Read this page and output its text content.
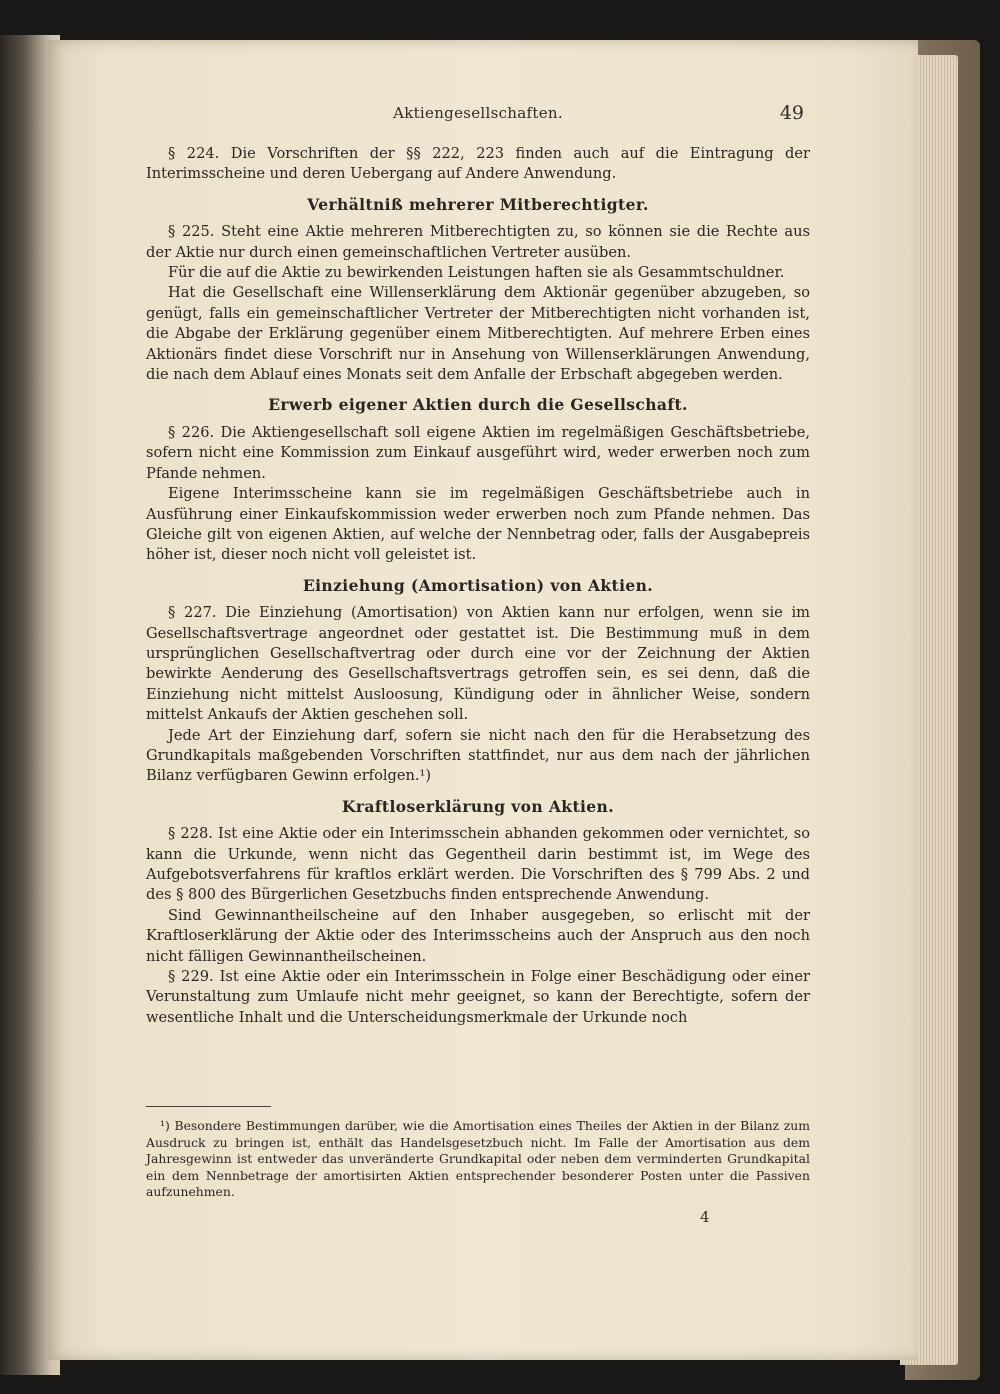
Aktiengesellschaften.	49

§ 224. Die Vorschriften der §§ 222, 223 finden auch auf die Eintragung der Interimsscheine und deren Uebergang auf Andere Anwendung.

Verhältniß mehrerer Mitberechtigter.

§ 225. Steht eine Aktie mehreren Mitberechtigten zu, so können sie die Rechte aus der Aktie nur durch einen gemeinschaftlichen Vertreter ausüben.

Für die auf die Aktie zu bewirkenden Leistungen haften sie als Gesammtschuldner.

Hat die Gesellschaft eine Willenserklärung dem Aktionär gegenüber abzugeben, so genügt, falls ein gemeinschaftlicher Vertreter der Mitberechtigten nicht vorhanden ist, die Abgabe der Erklärung gegenüber einem Mitberechtigten. Auf mehrere Erben eines Aktionärs findet diese Vorschrift nur in Ansehung von Willenserklärungen Anwendung, die nach dem Ablauf eines Monats seit dem Anfalle der Erbschaft abgegeben werden.

Erwerb eigener Aktien durch die Gesellschaft.

§ 226. Die Aktiengesellschaft soll eigene Aktien im regelmäßigen Geschäftsbetriebe, sofern nicht eine Kommission zum Einkauf ausgeführt wird, weder erwerben noch zum Pfande nehmen.

Eigene Interimsscheine kann sie im regelmäßigen Geschäftsbetriebe auch in Ausführung einer Einkaufskommission weder erwerben noch zum Pfande nehmen. Das Gleiche gilt von eigenen Aktien, auf welche der Nennbetrag oder, falls der Ausgabepreis höher ist, dieser noch nicht voll geleistet ist.

Einziehung (Amortisation) von Aktien.

§ 227. Die Einziehung (Amortisation) von Aktien kann nur erfolgen, wenn sie im Gesellschaftsvertrage angeordnet oder gestattet ist. Die Bestimmung muß in dem ursprünglichen Gesellschaftvertrag oder durch eine vor der Zeichnung der Aktien bewirkte Aenderung des Gesellschaftsvertrags getroffen sein, es sei denn, daß die Einziehung nicht mittelst Ausloosung, Kündigung oder in ähnlicher Weise, sondern mittelst Ankaufs der Aktien geschehen soll.

Jede Art der Einziehung darf, sofern sie nicht nach den für die Herabsetzung des Grundkapitals maßgebenden Vorschriften stattfindet, nur aus dem nach der jährlichen Bilanz verfügbaren Gewinn erfolgen.¹)

Kraftloserklärung von Aktien.

§ 228. Ist eine Aktie oder ein Interimsschein abhanden gekommen oder vernichtet, so kann die Urkunde, wenn nicht das Gegentheil darin bestimmt ist, im Wege des Aufgebotsverfahrens für kraftlos erklärt werden. Die Vorschriften des § 799 Abs. 2 und des § 800 des Bürgerlichen Gesetzbuchs finden entsprechende Anwendung.

Sind Gewinnantheilscheine auf den Inhaber ausgegeben, so erlischt mit der Kraftloserklärung der Aktie oder des Interimsscheins auch der Anspruch aus den noch nicht fälligen Gewinnantheilscheinen.

§ 229. Ist eine Aktie oder ein Interimsschein in Folge einer Beschädigung oder einer Verunstaltung zum Umlaufe nicht mehr geeignet, so kann der Berechtigte, sofern der wesentliche Inhalt und die Unterscheidungsmerkmale der Urkunde noch

¹) Besondere Bestimmungen darüber, wie die Amortisation eines Theiles der Aktien in der Bilanz zum Ausdruck zu bringen ist, enthält das Handelsgesetzbuch nicht. Im Falle der Amortisation aus dem Jahresgewinn ist entweder das unveränderte Grundkapital oder neben dem verminderten Grundkapital ein dem Nennbetrage der amortisirten Aktien entsprechender besonderer Posten unter die Passiven aufzunehmen.
4
